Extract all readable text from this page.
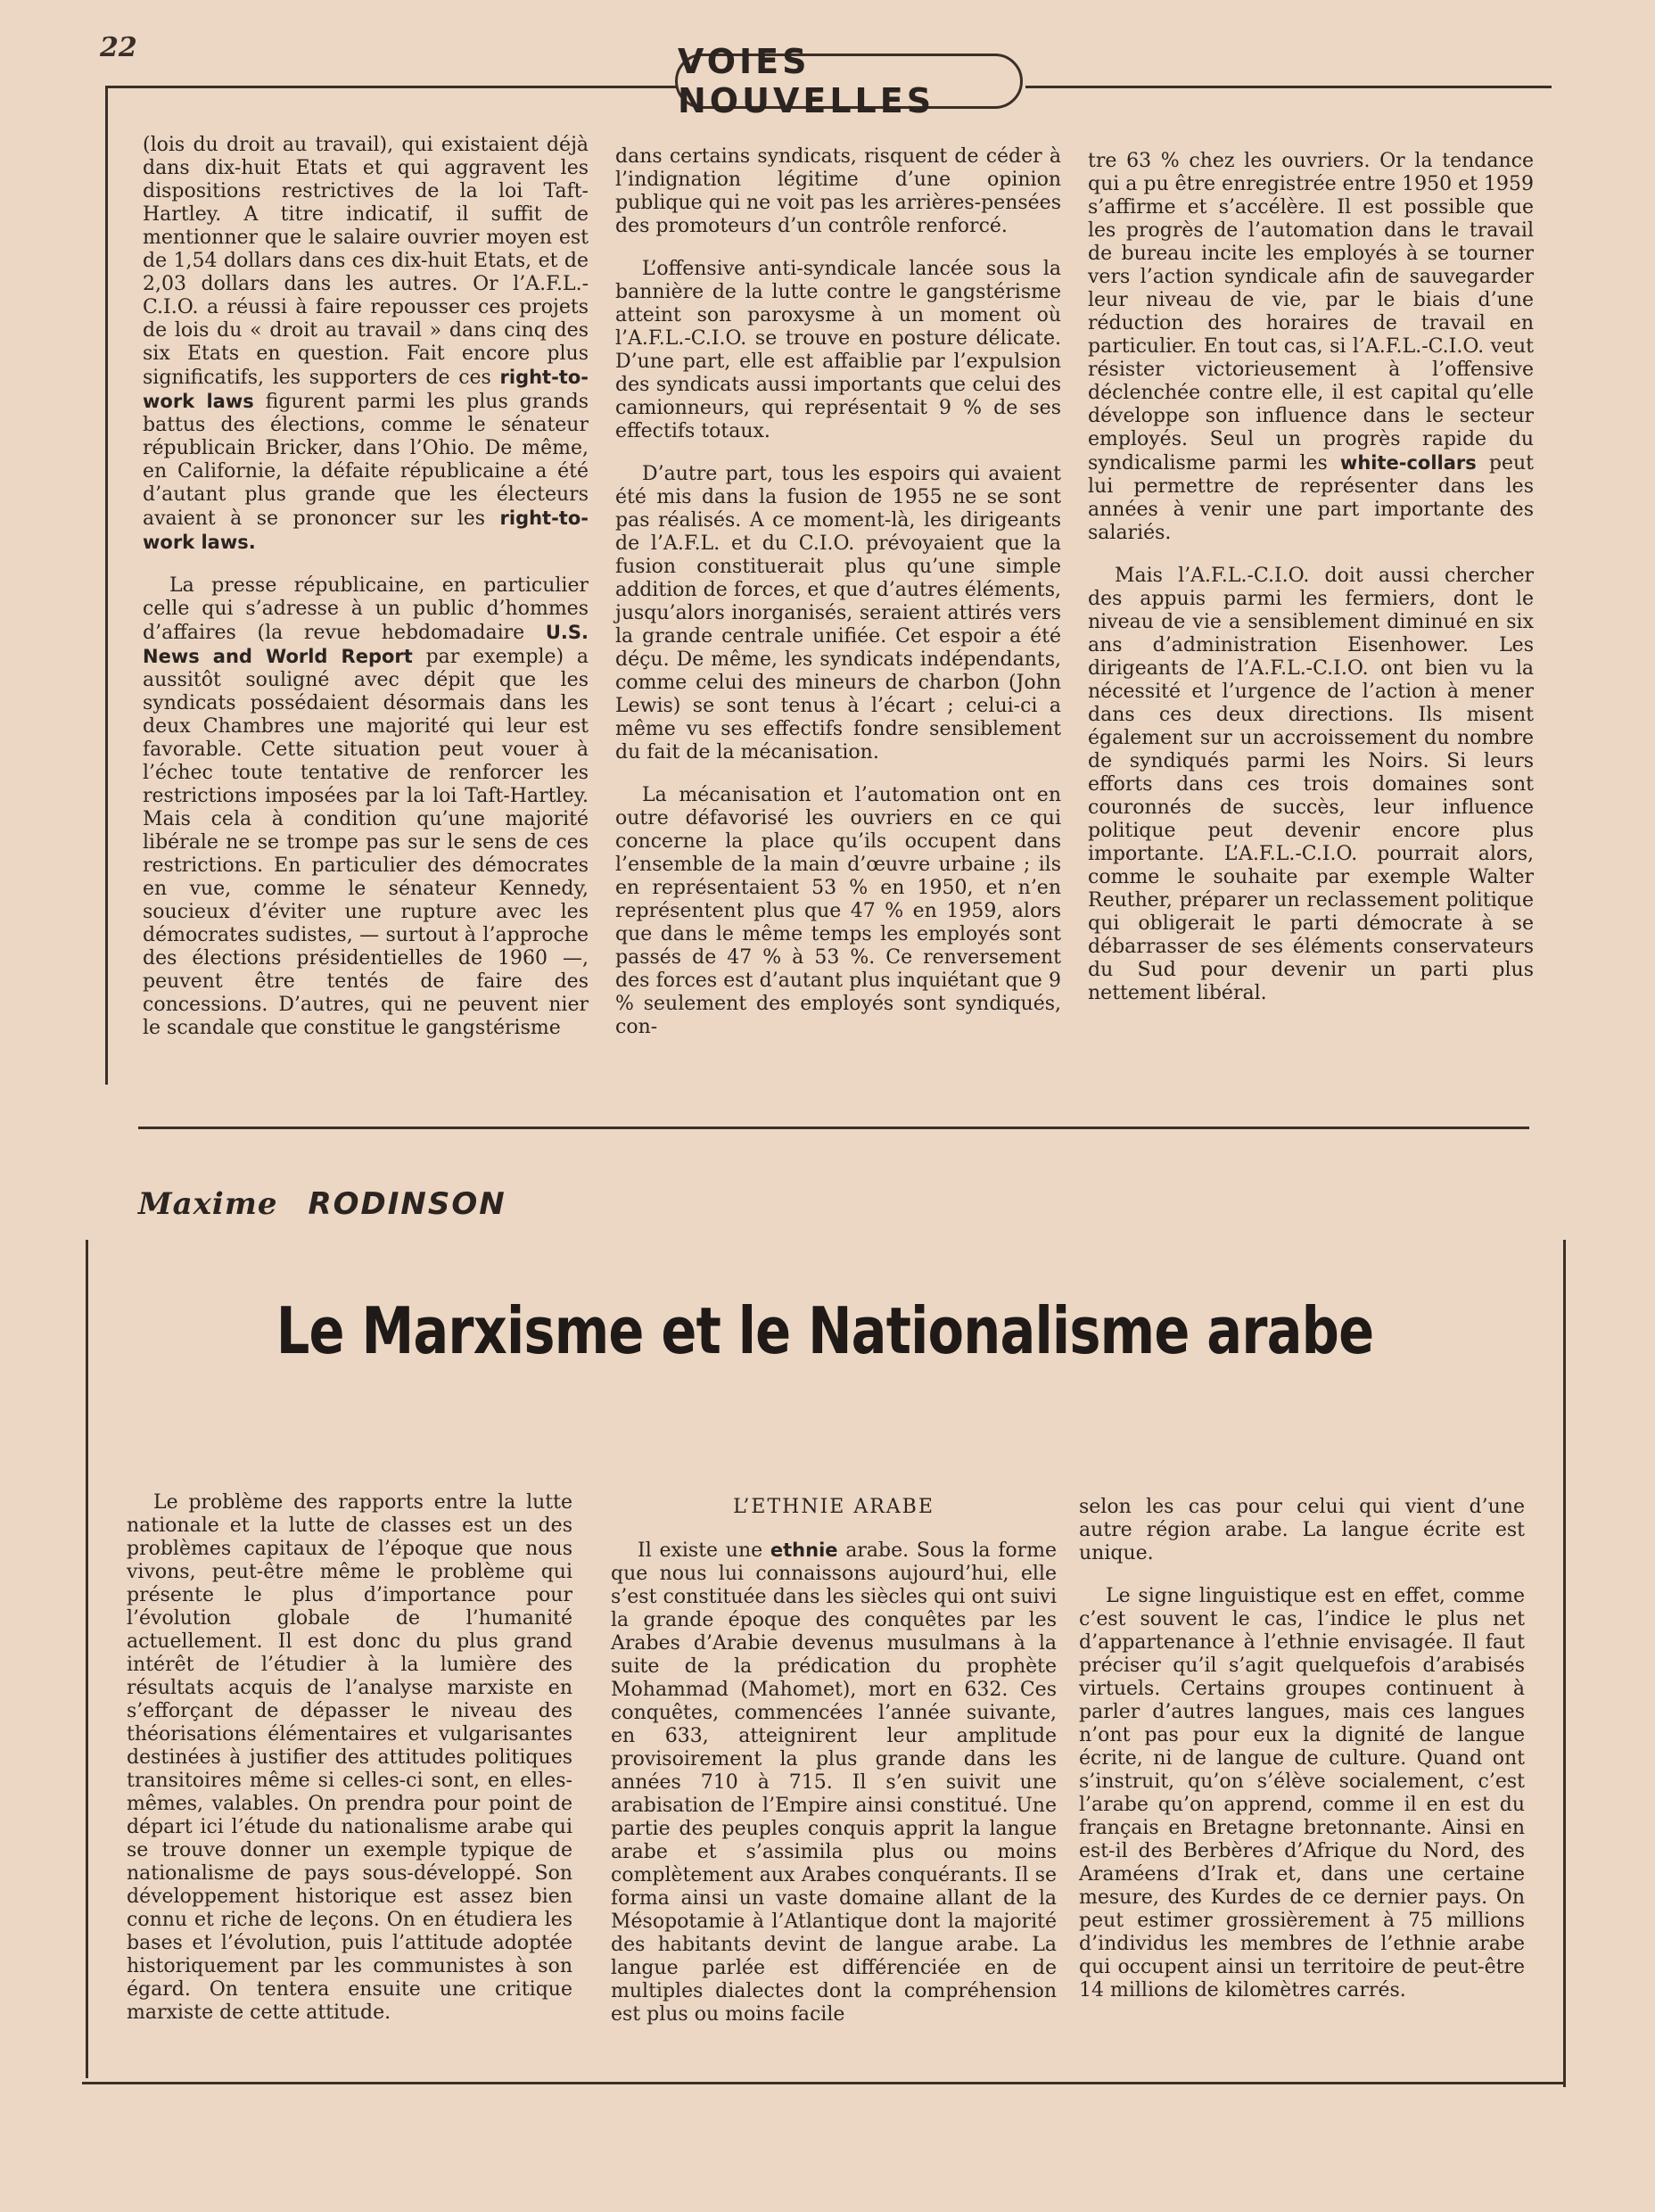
22	VOIES NOUVELLES

(lois du droit au travail), qui existaient déjà dans dix-huit Etats et qui aggravent les dispositions restrictives de la loi Taft-Hartley. A titre indicatif, il suffit de mentionner que le salaire ouvrier moyen est de 1,54 dollars dans ces dix-huit Etats, et de 2,03 dollars dans les autres. Or l’A.F.L.-C.I.O. a réussi à faire repousser ces projets de lois du « droit au travail » dans cinq des six Etats en question. Fait encore plus significatifs, les supporters de ces right-to-work laws figurent parmi les plus grands battus des élections, comme le sénateur républicain Bricker, dans l’Ohio. De même, en Californie, la défaite républicaine a été d’autant plus grande que les électeurs avaient à se prononcer sur les right-to-work laws.

La presse républicaine, en particulier celle qui s’adresse à un public d’hommes d’affaires (la revue hebdomadaire U.S. News and World Report par exemple) a aussitôt souligné avec dépit que les syndicats possédaient désormais dans les deux Chambres une majorité qui leur est favorable. Cette situation peut vouer à l’échec toute tentative de renforcer les restrictions imposées par la loi Taft-Hartley. Mais cela à condition qu’une majorité libérale ne se trompe pas sur le sens de ces restrictions. En particulier des démocrates en vue, comme le sénateur Kennedy, soucieux d’éviter une rupture avec les démocrates sudistes, — surtout à l’approche des élections présidentielles de 1960 —, peuvent être tentés de faire des concessions. D’autres, qui ne peuvent nier le scandale que constitue le gangstérisme

dans certains syndicats, risquent de céder à l’indignation légitime d’une opinion publique qui ne voit pas les arrières-pensées des promoteurs d’un contrôle renforcé.

L’offensive anti-syndicale lancée sous la bannière de la lutte contre le gangstérisme atteint son paroxysme à un moment où l’A.F.L.-C.I.O. se trouve en posture délicate. D’une part, elle est affaiblie par l’expulsion des syndicats aussi importants que celui des camionneurs, qui représentait 9 % de ses effectifs totaux.

D’autre part, tous les espoirs qui avaient été mis dans la fusion de 1955 ne se sont pas réalisés. A ce moment-là, les dirigeants de l’A.F.L. et du C.I.O. prévoyaient que la fusion constituerait plus qu’une simple addition de forces, et que d’autres éléments, jusqu’alors inorganisés, seraient attirés vers la grande centrale unifiée. Cet espoir a été déçu. De même, les syndicats indépendants, comme celui des mineurs de charbon (John Lewis) se sont tenus à l’écart ; celui-ci a même vu ses effectifs fondre sensiblement du fait de la mécanisation.

La mécanisation et l’automation ont en outre défavorisé les ouvriers en ce qui concerne la place qu’ils occupent dans l’ensemble de la main d’œuvre urbaine ; ils en représentaient 53 % en 1950, et n’en représentent plus que 47 % en 1959, alors que dans le même temps les employés sont passés de 47 % à 53 %. Ce renversement des forces est d’autant plus inquiétant que 9 % seulement des employés sont syndiqués, con-

tre 63 % chez les ouvriers. Or la tendance qui a pu être enregistrée entre 1950 et 1959 s’affirme et s’accélère. Il est possible que les progrès de l’automation dans le travail de bureau incite les employés à se tourner vers l’action syndicale afin de sauvegarder leur niveau de vie, par le biais d’une réduction des horaires de travail en particulier. En tout cas, si l’A.F.L.-C.I.O. veut résister victorieusement à l’offensive déclenchée contre elle, il est capital qu’elle développe son influence dans le secteur employés. Seul un progrès rapide du syndicalisme parmi les white-collars peut lui permettre de représenter dans les années à venir une part importante des salariés.

Mais l’A.F.L.-C.I.O. doit aussi chercher des appuis parmi les fermiers, dont le niveau de vie a sensiblement diminué en six ans d’administration Eisenhower. Les dirigeants de l’A.F.L.-C.I.O. ont bien vu la nécessité et l’urgence de l’action à mener dans ces deux directions. Ils misent également sur un accroissement du nombre de syndiqués parmi les Noirs. Si leurs efforts dans ces trois domaines sont couronnés de succès, leur influence politique peut devenir encore plus importante. L’A.F.L.-C.I.O. pourrait alors, comme le souhaite par exemple Walter Reuther, préparer un reclassement politique qui obligerait le parti démocrate à se débarrasser de ses éléments conservateurs du Sud pour devenir un parti plus nettement libéral.

Maxime RODINSON
Le Marxisme et le Nationalisme arabe

Le problème des rapports entre la lutte nationale et la lutte de classes est un des problèmes capitaux de l’époque que nous vivons, peut-être même le problème qui présente le plus d’importance pour l’évolution globale de l’humanité actuellement. Il est donc du plus grand intérêt de l’étudier à la lumière des résultats acquis de l’analyse marxiste en s’efforçant de dépasser le niveau des théorisations élémentaires et vulgarisantes destinées à justifier des attitudes politiques transitoires même si celles-ci sont, en elles-mêmes, valables. On prendra pour point de départ ici l’étude du nationalisme arabe qui se trouve donner un exemple typique de nationalisme de pays sous-développé. Son développement historique est assez bien connu et riche de leçons. On en étudiera les bases et l’évolution, puis l’attitude adoptée historiquement par les communistes à son égard. On tentera ensuite une critique marxiste de cette attitude.

L’ETHNIE ARABE

Il existe une ethnie arabe. Sous la forme que nous lui connaissons aujourd’hui, elle s’est constituée dans les siècles qui ont suivi la grande époque des conquêtes par les Arabes d’Arabie devenus musulmans à la suite de la prédication du prophète Mohammad (Mahomet), mort en 632. Ces conquêtes, commencées l’année suivante, en 633, atteignirent leur amplitude provisoirement la plus grande dans les années 710 à 715. Il s’en suivit une arabisation de l’Empire ainsi constitué. Une partie des peuples conquis apprit la langue arabe et s’assimila plus ou moins complètement aux Arabes conquérants. Il se forma ainsi un vaste domaine allant de la Mésopotamie à l’Atlantique dont la majorité des habitants devint de langue arabe. La langue parlée est différenciée en de multiples dialectes dont la compréhension est plus ou moins facile

selon les cas pour celui qui vient d’une autre région arabe. La langue écrite est unique.

Le signe linguistique est en effet, comme c’est souvent le cas, l’indice le plus net d’appartenance à l’ethnie envisagée. Il faut préciser qu’il s’agit quelquefois d’arabisés virtuels. Certains groupes continuent à parler d’autres langues, mais ces langues n’ont pas pour eux la dignité de langue écrite, ni de langue de culture. Quand ont s’instruit, qu’on s’élève socialement, c’est l’arabe qu’on apprend, comme il en est du français en Bretagne bretonnante. Ainsi en est-il des Berbères d’Afrique du Nord, des Araméens d’Irak et, dans une certaine mesure, des Kurdes de ce dernier pays. On peut estimer grossièrement à 75 millions d’individus les membres de l’ethnie arabe qui occupent ainsi un territoire de peut-être 14 millions de kilomètres carrés.
